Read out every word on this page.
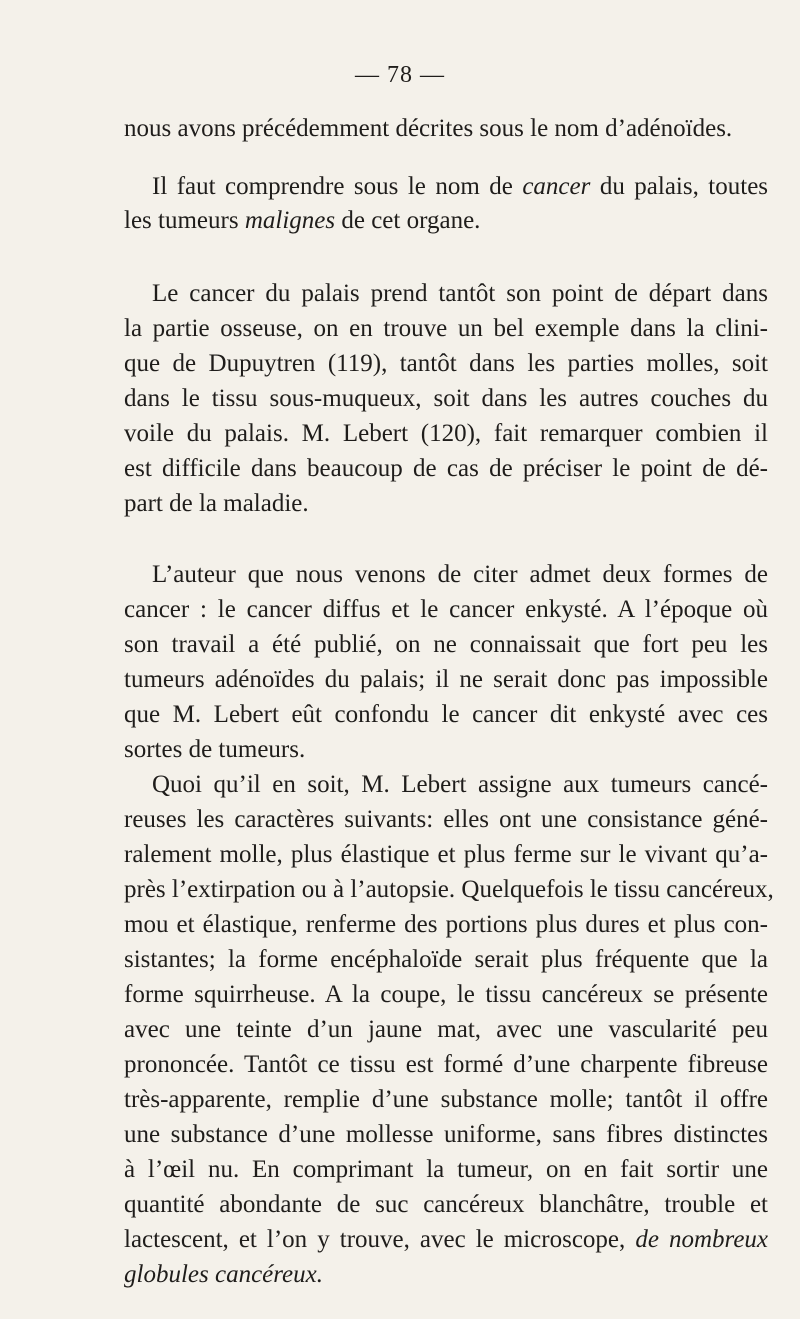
— 78 —
nous avons précédemment décrites sous le nom d’adénoïdes.
Il faut comprendre sous le nom de cancer du palais, toutes
les tumeurs malignes de cet organe.
Le cancer du palais prend tantôt son point de départ dans
la partie osseuse, on en trouve un bel exemple dans la clini-
que de Dupuytren (119), tantôt dans les parties molles, soit
dans le tissu sous-muqueux, soit dans les autres couches du
voile du palais. M. Lebert (120), fait remarquer combien il
est difficile dans beaucoup de cas de préciser le point de dé-
part de la maladie.
L’auteur que nous venons de citer admet deux formes de
cancer : le cancer diffus et le cancer enkysté. A l’époque où
son travail a été publié, on ne connaissait que fort peu les
tumeurs adénoïdes du palais; il ne serait donc pas impossible
que M. Lebert eût confondu le cancer dit enkysté avec ces
sortes de tumeurs.
Quoi qu’il en soit, M. Lebert assigne aux tumeurs cancé-
reuses les caractères suivants: elles ont une consistance géné-
ralement molle, plus élastique et plus ferme sur le vivant qu’a-
près l’extirpation ou à l’autopsie. Quelquefois le tissu cancéreux,
mou et élastique, renferme des portions plus dures et plus con-
sistantes; la forme encéphaloïde serait plus fréquente que la
forme squirrheuse. A la coupe, le tissu cancéreux se présente
avec une teinte d’un jaune mat, avec une vascularité peu
prononcée. Tantôt ce tissu est formé d’une charpente fibreuse
très-apparente, remplie d’une substance molle; tantôt il offre
une substance d’une mollesse uniforme, sans fibres distinctes
à l’œil nu. En comprimant la tumeur, on en fait sortir une
quantité abondante de suc cancéreux blanchâtre, trouble et
lactescent, et l’on y trouve, avec le microscope, de nombreux
globules cancéreux.
